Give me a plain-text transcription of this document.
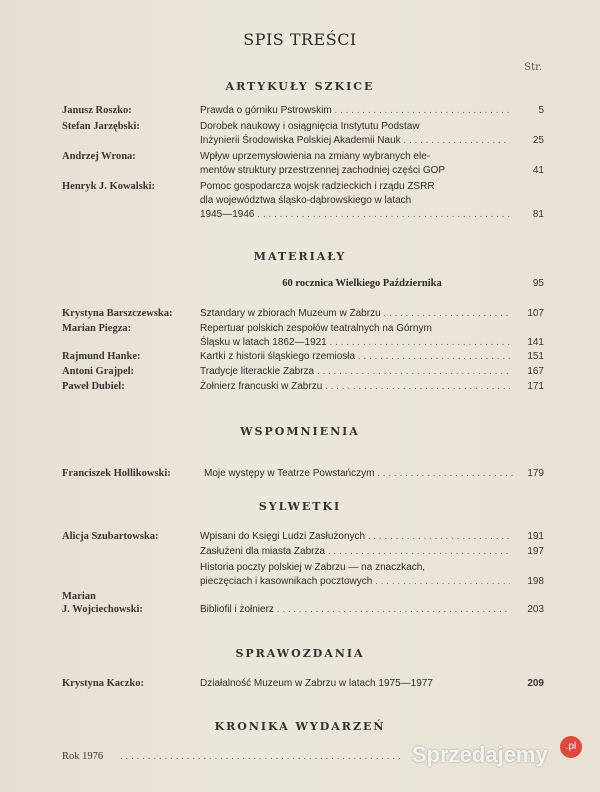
SPIS TREŚCI
Str.
ARTYKUŁY SZKICE
Janusz Roszko:	Prawda o górniku Pstrowskim . . .	5
Stefan Jarzębski:	Dorobek naukowy i osiągnięcia Instytutu Podstaw
Inżynierii Środowiska Polskiej Akademii Nauk . . .	25
Andrzej Wrona:	Wpływ uprzemysłowienia na zmiany wybranych ele-
mentów struktury przestrzennej zachodniej części GOP	41
Henryk J. Kowalski:	Pomoc gospodarcza wojsk radzieckich i rządu ZSRR
dla województwa śląsko-dąbrowskiego w latach
1945—1946 . . .	81
MATERIAŁY
60 rocznica Wielkiego Października	95
Krystyna Barszczewska:	Sztandary w zbiorach Muzeum w Zabrzu . . .	107
Marian Piegza:	Repertuar polskich zespołów teatralnych na Górnym
Śląsku w latach 1862—1921 . . .	141
Rajmund Hanke:	Kartki z historii śląskiego rzemiosła . . .	151
Antoni Grajpel:	Tradycje literackie Zabrza . . .	167
Paweł Dubiel:	Żołnierz francuski w Zabrzu . . .	171
WSPOMNIENIA
Franciszek Hollikowski:	Moje występy w Teatrze Powstańczym . . .	179
SYLWETKI
Alicja Szubartowska:	Wpisani do Księgi Ludzi Zasłużonych . . .	191
Zasłużeni dla miasta Zabrza . . .	197
Historia poczty polskiej w Zabrzu — na znaczkach,
pieczęciach i kasownikach pocztowych . . .	198
Marian
J. Wojciechowski:	Bibliofil i żołnierz . . .	203
SPRAWOZDANIA
Krystyna Kaczko:	Działalność Muzeum w Zabrzu w latach 1975—1977	209
KRONIKA WYDARZEŃ
Rok 1976 . . .	Sprzedajemy	.pl
